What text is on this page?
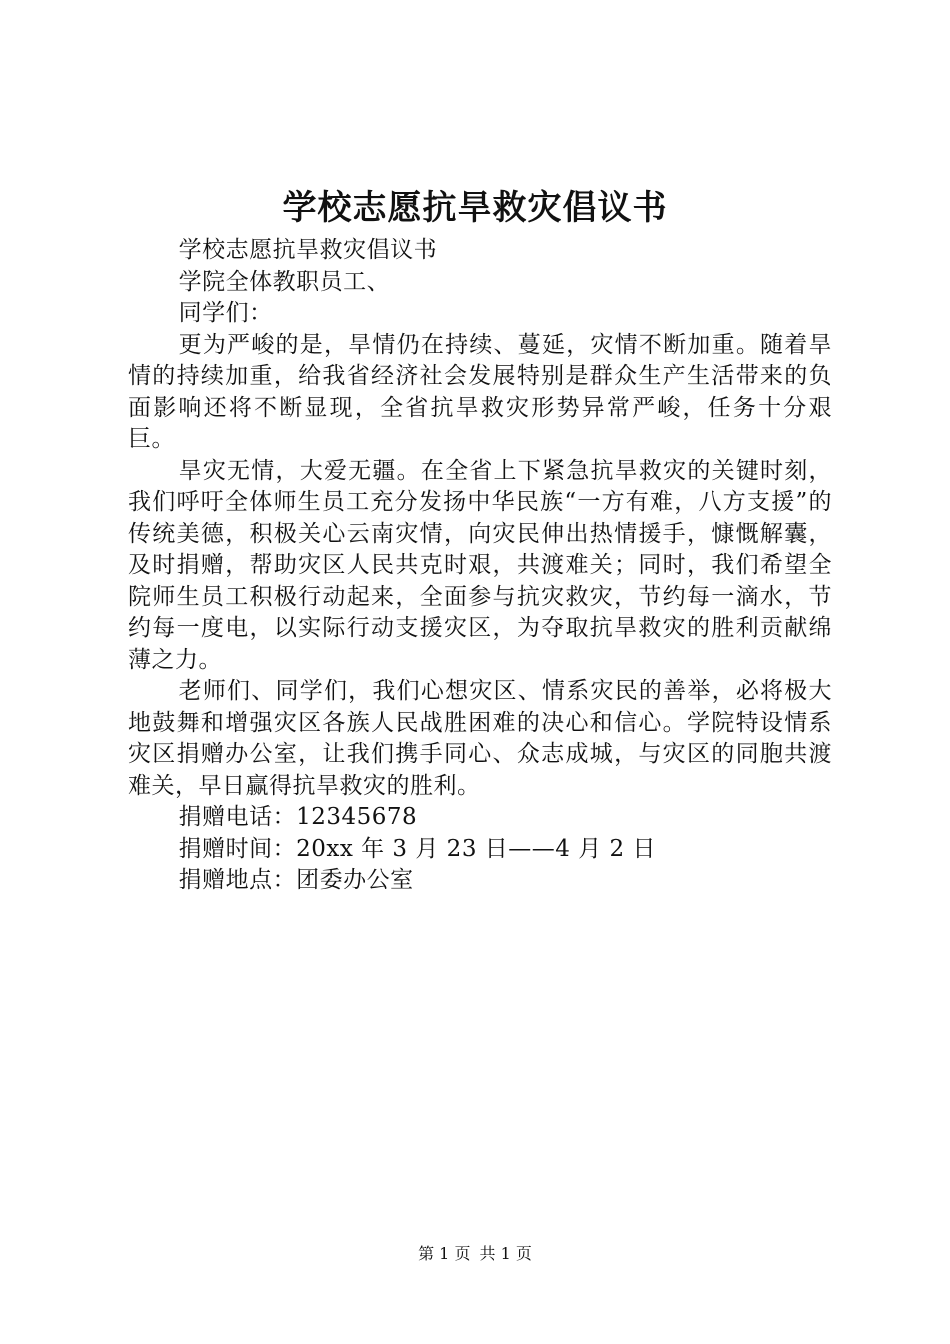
学校志愿抗旱救灾倡议书

学校志愿抗旱救灾倡议书

学院全体教职员工、

同学们：

更为严峻的是，旱情仍在持续、蔓延，灾情不断加重。随着旱情的持续加重，给我省经济社会发展特别是群众生产生活带来的负面影响还将不断显现，全省抗旱救灾形势异常严峻，任务十分艰巨。

旱灾无情，大爱无疆。在全省上下紧急抗旱救灾的关键时刻，我们呼吁全体师生员工充分发扬中华民族“一方有难，八方支援”的传统美德，积极关心云南灾情，向灾民伸出热情援手，慷慨解囊，及时捐赠，帮助灾区人民共克时艰，共渡难关；同时，我们希望全院师生员工积极行动起来，全面参与抗灾救灾，节约每一滴水，节约每一度电，以实际行动支援灾区，为夺取抗旱救灾的胜利贡献绵薄之力。

老师们、同学们，我们心想灾区、情系灾民的善举，必将极大地鼓舞和增强灾区各族人民战胜困难的决心和信心。学院特设情系灾区捐赠办公室，让我们携手同心、众志成城，与灾区的同胞共渡难关，早日赢得抗旱救灾的胜利。

捐赠电话：12345678

捐赠时间：20xx 年 3 月 23 日——4 月 2 日

捐赠地点：团委办公室

第 1 页 共 1 页
